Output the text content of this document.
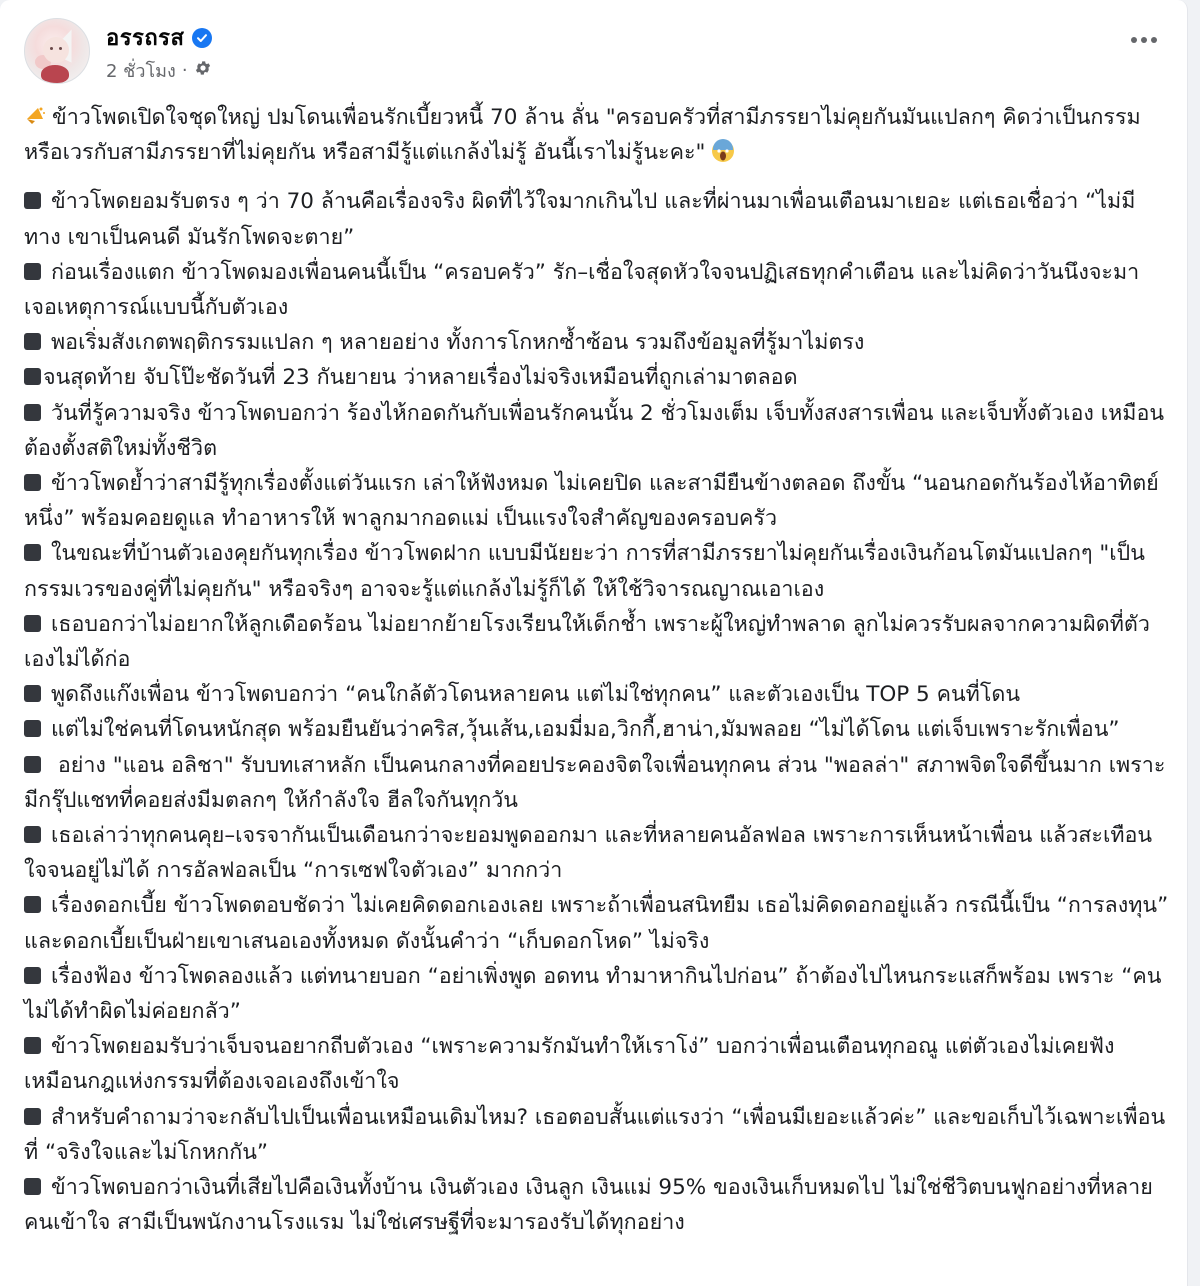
อรรถรส
2 ชั่วโมง ·

ข้าวโพดเปิดใจชุดใหญ่ ปมโดนเพื่อนรักเบี้ยวหนี้ 70 ล้าน ลั่น "ครอบครัวที่สามีภรรยาไม่คุยกันมันแปลกๆ คิดว่าเป็นกรรมหรือเวรกับสามีภรรยาที่ไม่คุยกัน หรือสามีรู้แต่แกล้งไม่รู้ อันนี้เราไม่รู้นะคะ"

ข้าวโพดยอมรับตรง ๆ ว่า 70 ล้านคือเรื่องจริง ผิดที่ไว้ใจมากเกินไป และที่ผ่านมาเพื่อนเตือนมาเยอะ แต่เธอเชื่อว่า “ไม่มีทาง เขาเป็นคนดี มันรักโพดจะตาย”
ก่อนเรื่องแตก ข้าวโพดมองเพื่อนคนนี้เป็น “ครอบครัว” รัก–เชื่อใจสุดหัวใจจนปฏิเสธทุกคำเตือน และไม่คิดว่าวันนึงจะมาเจอเหตุการณ์แบบนี้กับตัวเอง
พอเริ่มสังเกตพฤติกรรมแปลก ๆ หลายอย่าง ทั้งการโกหกซ้ำซ้อน รวมถึงข้อมูลที่รู้มาไม่ตรง
จนสุดท้าย จับโป๊ะชัดวันที่ 23 กันยายน ว่าหลายเรื่องไม่จริงเหมือนที่ถูกเล่ามาตลอด
วันที่รู้ความจริง ข้าวโพดบอกว่า ร้องไห้กอดกันกับเพื่อนรักคนนั้น 2 ชั่วโมงเต็ม เจ็บทั้งสงสารเพื่อน และเจ็บทั้งตัวเอง เหมือนต้องตั้งสติใหม่ทั้งชีวิต
ข้าวโพดย้ำว่าสามีรู้ทุกเรื่องตั้งแต่วันแรก เล่าให้ฟังหมด ไม่เคยปิด และสามียืนข้างตลอด ถึงขั้น “นอนกอดกันร้องไห้อาทิตย์หนึ่ง” พร้อมคอยดูแล ทำอาหารให้ พาลูกมากอดแม่ เป็นแรงใจสำคัญของครอบครัว
ในขณะที่บ้านตัวเองคุยกันทุกเรื่อง ข้าวโพดฝาก แบบมีนัยยะว่า การที่สามีภรรยาไม่คุยกันเรื่องเงินก้อนโตมันแปลกๆ "เป็นกรรมเวรของคู่ที่ไม่คุยกัน" หรือจริงๆ อาจจะรู้แต่แกล้งไม่รู้ก็ได้ ให้ใช้วิจารณญาณเอาเอง
เธอบอกว่าไม่อยากให้ลูกเดือดร้อน ไม่อยากย้ายโรงเรียนให้เด็กช้ำ เพราะผู้ใหญ่ทำพลาด ลูกไม่ควรรับผลจากความผิดที่ตัวเองไม่ได้ก่อ
พูดถึงแก๊งเพื่อน ข้าวโพดบอกว่า “คนใกล้ตัวโดนหลายคน แต่ไม่ใช่ทุกคน” และตัวเองเป็น TOP 5 คนที่โดน
แต่ไม่ใช่คนที่โดนหนักสุด พร้อมยืนยันว่าคริส,วุ้นเส้น,เอมมี่มอ,วิกกี้,ฮาน่า,มัมพลอย “ไม่ได้โดน แต่เจ็บเพราะรักเพื่อน”
อย่าง "แอน อลิชา" รับบทเสาหลัก เป็นคนกลางที่คอยประคองจิตใจเพื่อนทุกคน ส่วน "พอลล่า" สภาพจิตใจดีขึ้นมาก เพราะมีกรุ๊ปแชทที่คอยส่งมีมตลกๆ ให้กำลังใจ ฮีลใจกันทุกวัน
เธอเล่าว่าทุกคนคุย–เจรจากันเป็นเดือนกว่าจะยอมพูดออกมา และที่หลายคนอัลฟอล เพราะการเห็นหน้าเพื่อน แล้วสะเทือนใจจนอยู่ไม่ได้ การอัลฟอลเป็น “การเซฟใจตัวเอง” มากกว่า
เรื่องดอกเบี้ย ข้าวโพดตอบชัดว่า ไม่เคยคิดดอกเองเลย เพราะถ้าเพื่อนสนิทยืม เธอไม่คิดดอกอยู่แล้ว กรณีนี้เป็น “การลงทุน” และดอกเบี้ยเป็นฝ่ายเขาเสนอเองทั้งหมด ดังนั้นคำว่า “เก็บดอกโหด” ไม่จริง
เรื่องฟ้อง ข้าวโพดลองแล้ว แต่ทนายบอก “อย่าเพิ่งพูด อดทน ทำมาหากินไปก่อน” ถ้าต้องไปไหนกระแสก็พร้อม เพราะ “คนไม่ได้ทำผิดไม่ค่อยกลัว”
ข้าวโพดยอมรับว่าเจ็บจนอยากถีบตัวเอง “เพราะความรักมันทำให้เราโง่” บอกว่าเพื่อนเตือนทุกอณู แต่ตัวเองไม่เคยฟัง เหมือนกฎแห่งกรรมที่ต้องเจอเองถึงเข้าใจ
สำหรับคำถามว่าจะกลับไปเป็นเพื่อนเหมือนเดิมไหม? เธอตอบสั้นแต่แรงว่า “เพื่อนมีเยอะแล้วค่ะ” และขอเก็บไว้เฉพาะเพื่อนที่ “จริงใจและไม่โกหกกัน”
ข้าวโพดบอกว่าเงินที่เสียไปคือเงินทั้งบ้าน เงินตัวเอง เงินลูก เงินแม่ 95% ของเงินเก็บหมดไป ไม่ใช่ชีวิตบนฟูกอย่างที่หลายคนเข้าใจ สามีเป็นพนักงานโรงแรม ไม่ใช่เศรษฐีที่จะมารองรับได้ทุกอย่าง
